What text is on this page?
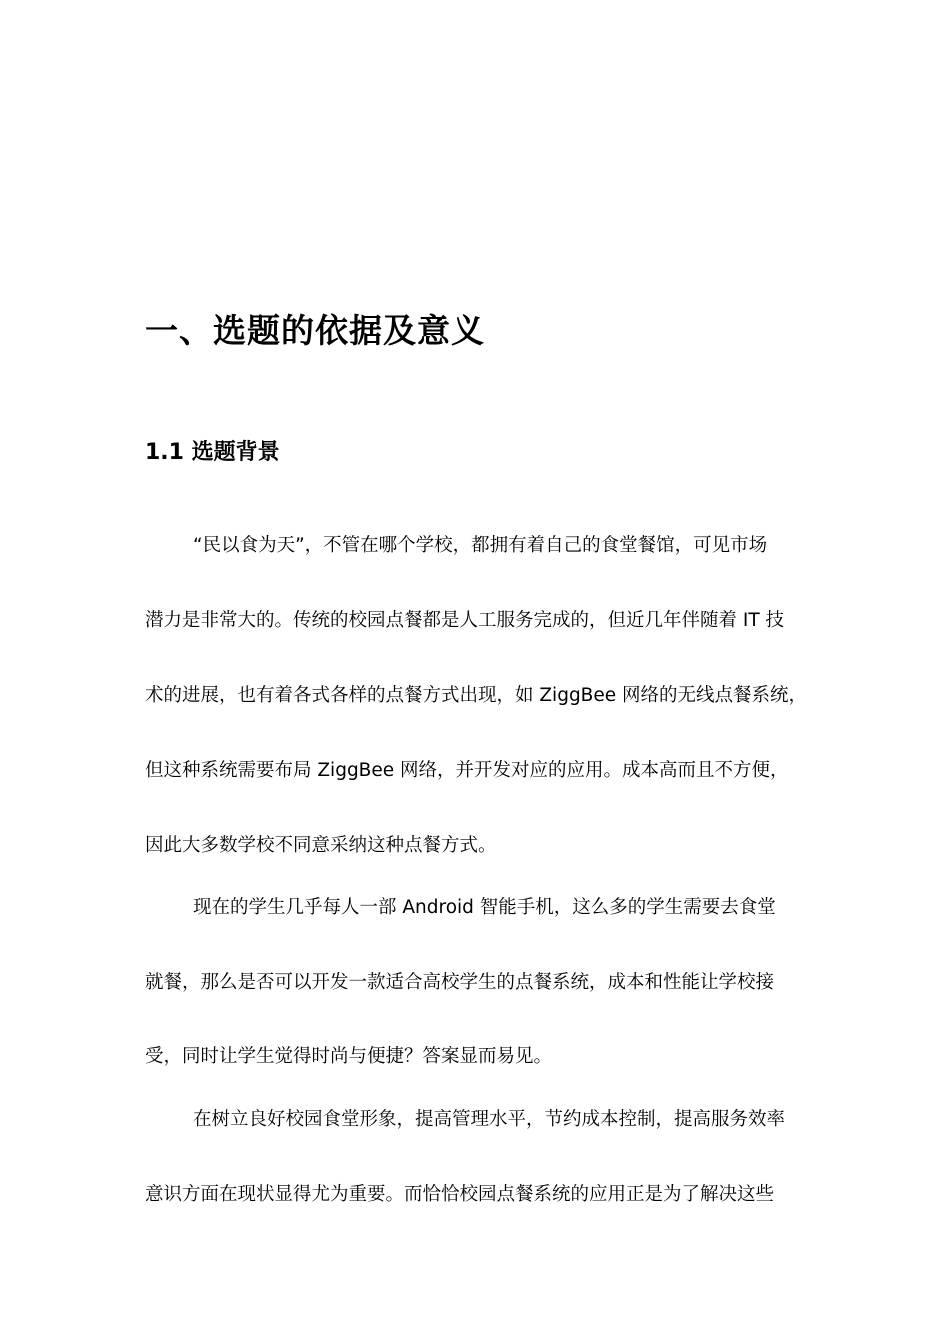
一、选题的依据及意义
1.1 选题背景
“民以食为天”，不管在哪个学校，都拥有着自己的食堂餐馆，可见市场
潜力是非常大的。传统的校园点餐都是人工服务完成的，但近几年伴随着 IT 技
术的进展，也有着各式各样的点餐方式出现，如 ZiggBee 网络的无线点餐系统，
但这种系统需要布局 ZiggBee 网络，并开发对应的应用。成本高而且不方便，
因此大多数学校不同意采纳这种点餐方式。
现在的学生几乎每人一部 Android 智能手机，这么多的学生需要去食堂
就餐，那么是否可以开发一款适合高校学生的点餐系统，成本和性能让学校接
受，同时让学生觉得时尚与便捷？答案显而易见。
在树立良好校园食堂形象，提高管理水平，节约成本控制，提高服务效率
意识方面在现状显得尤为重要。而恰恰校园点餐系统的应用正是为了解决这些
